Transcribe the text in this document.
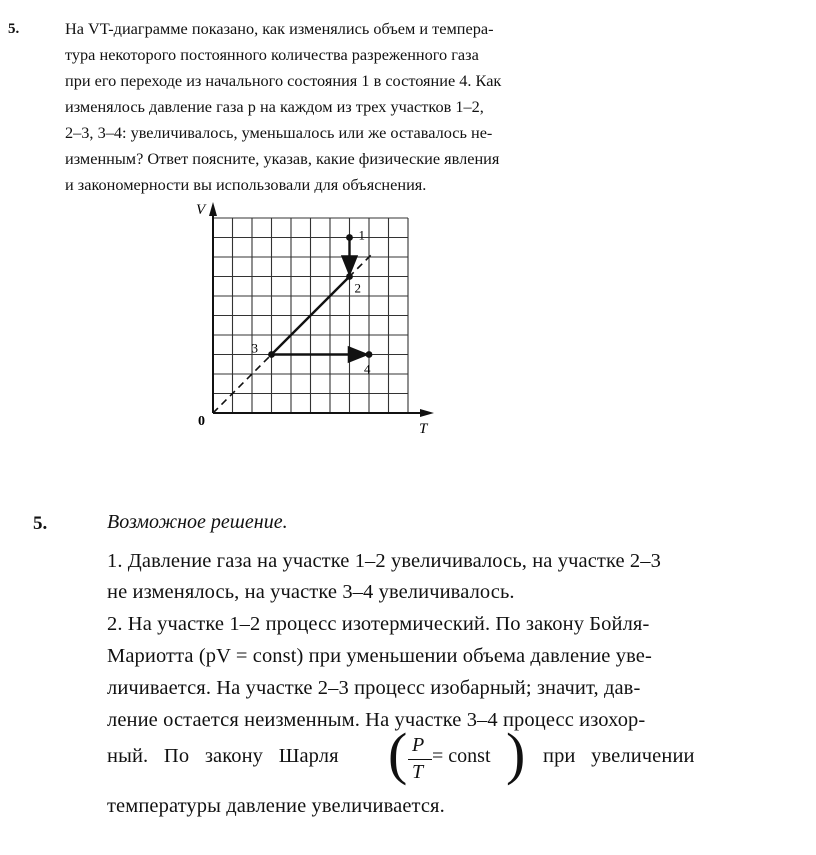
5.	На VT-диаграмме показано, как изменялись объем и темпера-
тура некоторого постоянного количества разреженного газа
при его переходе из начального состояния 1 в состояние 4. Как
изменялось давление газа p на каждом из трех участков 1–2,
2–3, 3–4: увеличивалось, уменьшалось или же оставалось не-
изменным? Ответ поясните, указав, какие физические явления
и закономерности вы использовали для объяснения.
1
2
3
4
V
T
0
5.	Возможное решение.
1. Давление газа на участке 1–2 увеличивалось, на участке 2–3
не изменялось, на участке 3–4 увеличивалось.
2. На участке 1–2 процесс изотермический. По закону Бойля-
Мариотта (pV = const) при уменьшении объема давление уве-
личивается. На участке 2–3 процесс изобарный; значит, дав-
ление остается неизменным. На участке 3–4 процесс изохор-
ный.   По   закону   Шарля ( P
T
= const ) при   увеличении
температуры давление увеличивается.
